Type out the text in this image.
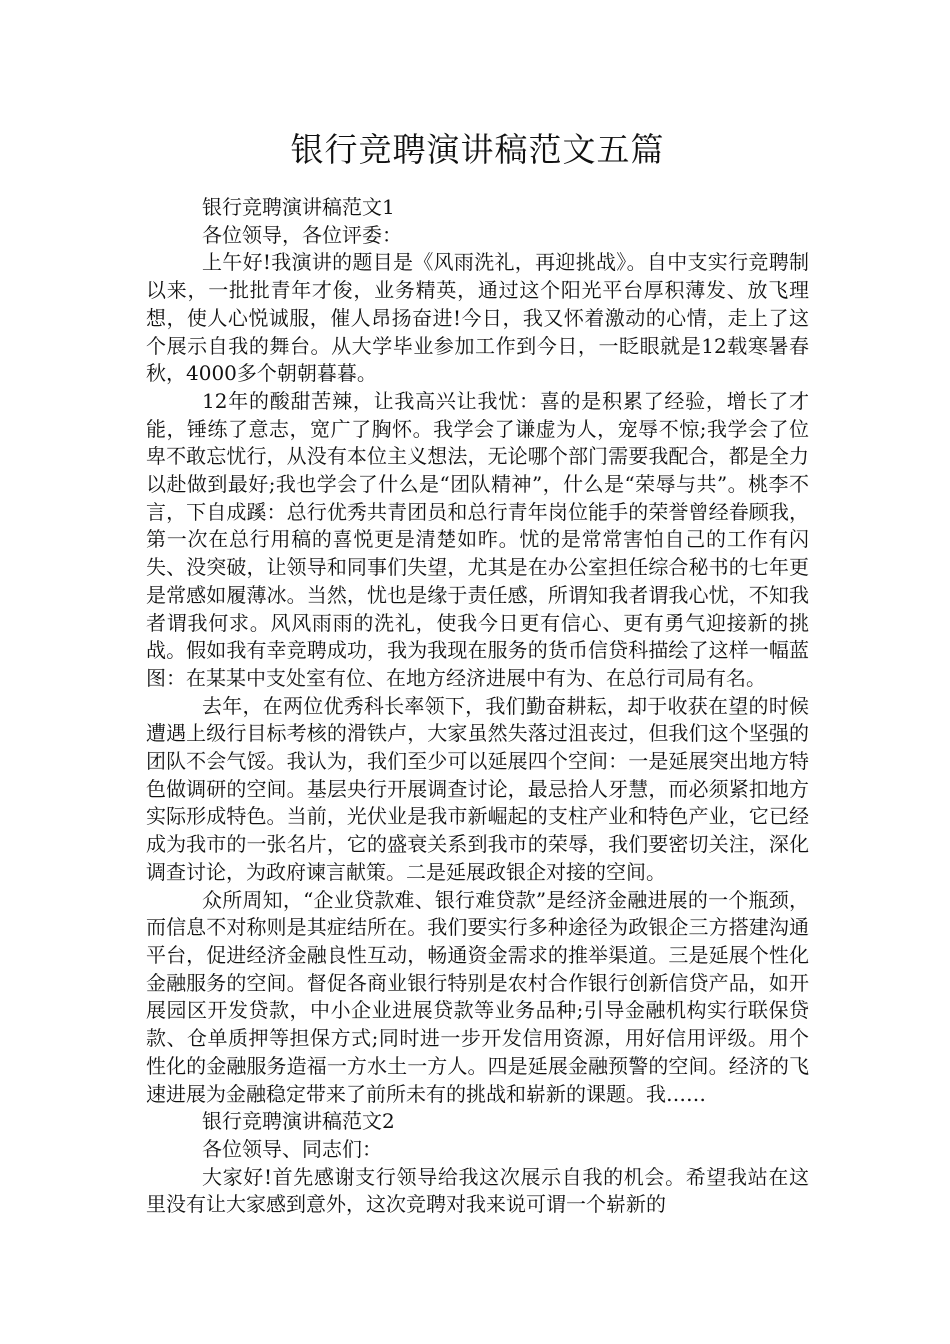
银行竞聘演讲稿范文五篇

银行竞聘演讲稿范文1

各位领导，各位评委：

上午好!我演讲的题目是《风雨洗礼，再迎挑战》。自中支实行竞聘制以来，一批批青年才俊，业务精英，通过这个阳光平台厚积薄发、放飞理想，使人心悦诚服，催人昂扬奋进!今日，我又怀着激动的心情，走上了这个展示自我的舞台。从大学毕业参加工作到今日，一眨眼就是12载寒暑春秋，4000多个朝朝暮暮。

12年的酸甜苦辣，让我高兴让我忧：喜的是积累了经验，增长了才能，锤练了意志，宽广了胸怀。我学会了谦虚为人，宠辱不惊;我学会了位卑不敢忘忧行，从没有本位主义想法，无论哪个部门需要我配合，都是全力以赴做到最好;我也学会了什么是“团队精神”，什么是“荣辱与共”。桃李不言，下自成蹊：总行优秀共青团员和总行青年岗位能手的荣誉曾经眷顾我，第一次在总行用稿的喜悦更是清楚如昨。忧的是常常害怕自己的工作有闪失、没突破，让领导和同事们失望，尤其是在办公室担任综合秘书的七年更是常感如履薄冰。当然，忧也是缘于责任感，所谓知我者谓我心忧，不知我者谓我何求。风风雨雨的洗礼，使我今日更有信心、更有勇气迎接新的挑战。假如我有幸竞聘成功，我为我现在服务的货币信贷科描绘了这样一幅蓝图：在某某中支处室有位、在地方经济进展中有为、在总行司局有名。

去年，在两位优秀科长率领下，我们勤奋耕耘，却于收获在望的时候遭遇上级行目标考核的滑铁卢，大家虽然失落过沮丧过，但我们这个坚强的团队不会气馁。我认为，我们至少可以延展四个空间：一是延展突出地方特色做调研的空间。基层央行开展调查讨论，最忌拾人牙慧，而必须紧扣地方实际形成特色。当前，光伏业是我市新崛起的支柱产业和特色产业，它已经成为我市的一张名片，它的盛衰关系到我市的荣辱，我们要密切关注，深化调查讨论，为政府谏言献策。二是延展政银企对接的空间。

众所周知，“企业贷款难、银行难贷款”是经济金融进展的一个瓶颈，而信息不对称则是其症结所在。我们要实行多种途径为政银企三方搭建沟通平台，促进经济金融良性互动，畅通资金需求的推举渠道。三是延展个性化金融服务的空间。督促各商业银行特别是农村合作银行创新信贷产品，如开展园区开发贷款，中小企业进展贷款等业务品种;引导金融机构实行联保贷款、仓单质押等担保方式;同时进一步开发信用资源，用好信用评级。用个性化的金融服务造福一方水土一方人。四是延展金融预警的空间。经济的飞速进展为金融稳定带来了前所未有的挑战和崭新的课题。我……

银行竞聘演讲稿范文2

各位领导、同志们：

大家好!首先感谢支行领导给我这次展示自我的机会。希望我站在这里没有让大家感到意外，这次竞聘对我来说可谓一个崭新的
